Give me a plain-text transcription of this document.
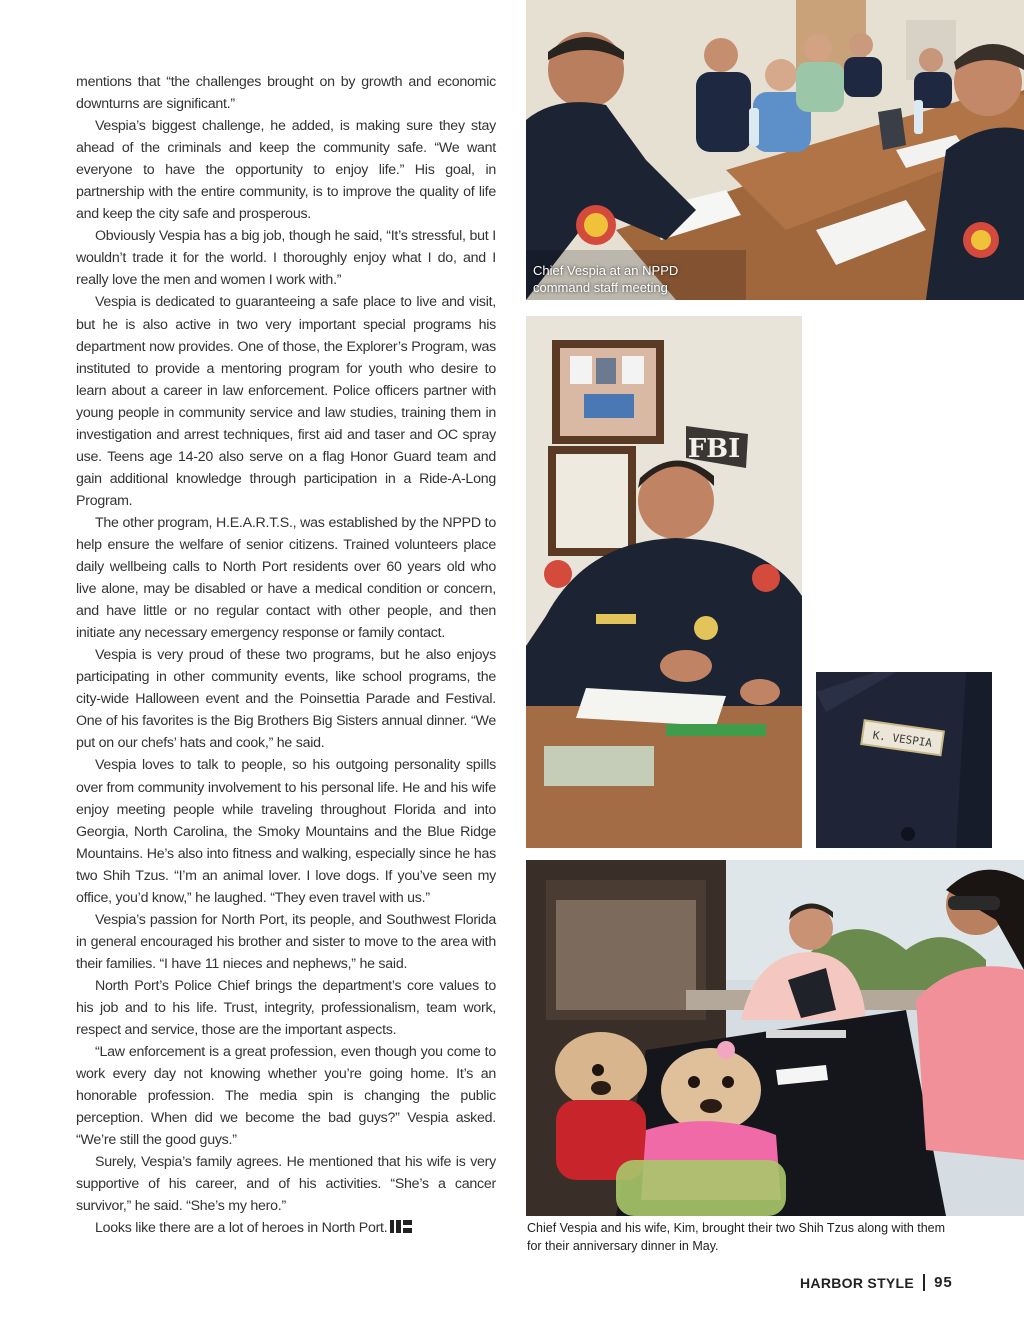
mentions that “the challenges brought on by growth and economic downturns are significant.”

Vespia’s biggest challenge, he added, is making sure they stay ahead of the criminals and keep the community safe. “We want everyone to have the opportunity to enjoy life.” His goal, in partnership with the entire community, is to improve the quality of life and keep the city safe and prosperous.

Obviously Vespia has a big job, though he said, “It’s stressful, but I wouldn’t trade it for the world. I thoroughly enjoy what I do, and I really love the men and women I work with.”

Vespia is dedicated to guaranteeing a safe place to live and visit, but he is also active in two very important special programs his department now provides. One of those, the Explorer’s Program, was instituted to provide a mentoring program for youth who desire to learn about a career in law enforcement. Police officers partner with young people in community service and law studies, training them in investigation and arrest techniques, first aid and taser and OC spray use. Teens age 14-20 also serve on a flag Honor Guard team and gain additional knowledge through participation in a Ride-A-Long Program.

The other program, H.E.A.R.T.S., was established by the NPPD to help ensure the welfare of senior citizens. Trained volunteers place daily wellbeing calls to North Port residents over 60 years old who live alone, may be disabled or have a medical condition or concern, and have little or no regular contact with other people, and then initiate any necessary emergency response or family contact.

Vespia is very proud of these two programs, but he also enjoys participating in other community events, like school programs, the city-wide Halloween event and the Poinsettia Parade and Festival. One of his favorites is the Big Brothers Big Sisters annual dinner. “We put on our chefs’ hats and cook,” he said.

Vespia loves to talk to people, so his outgoing personality spills over from community involvement to his personal life. He and his wife enjoy meeting people while traveling throughout Florida and into Georgia, North Carolina, the Smoky Mountains and the Blue Ridge Mountains. He’s also into fitness and walking, especially since he has two Shih Tzus. “I’m an animal lover. I love dogs. If you’ve seen my office, you’d know,” he laughed. “They even travel with us.”

Vespia’s passion for North Port, its people, and Southwest Florida in general encouraged his brother and sister to move to the area with their families. “I have 11 nieces and nephews,” he said.

North Port’s Police Chief brings the department’s core values to his job and to his life. Trust, integrity, professionalism, team work, respect and service, those are the important aspects.

“Law enforcement is a great profession, even though you come to work every day not knowing whether you’re going home. It’s an honorable profession. The media spin is changing the public perception. When did we become the bad guys?” Vespia asked. “We’re still the good guys.”

Surely, Vespia’s family agrees. He mentioned that his wife is very supportive of his career, and of his activities. “She’s a cancer survivor,” he said. “She’s my hero.”

Looks like there are a lot of heroes in North Port.

Chief Vespia at an NPPD command staff meeting
FBI
K. VESPIA
Chief Vespia and his wife, Kim, brought their two Shih Tzus along with them for their anniversary dinner in May.
HARBOR STYLE 95
